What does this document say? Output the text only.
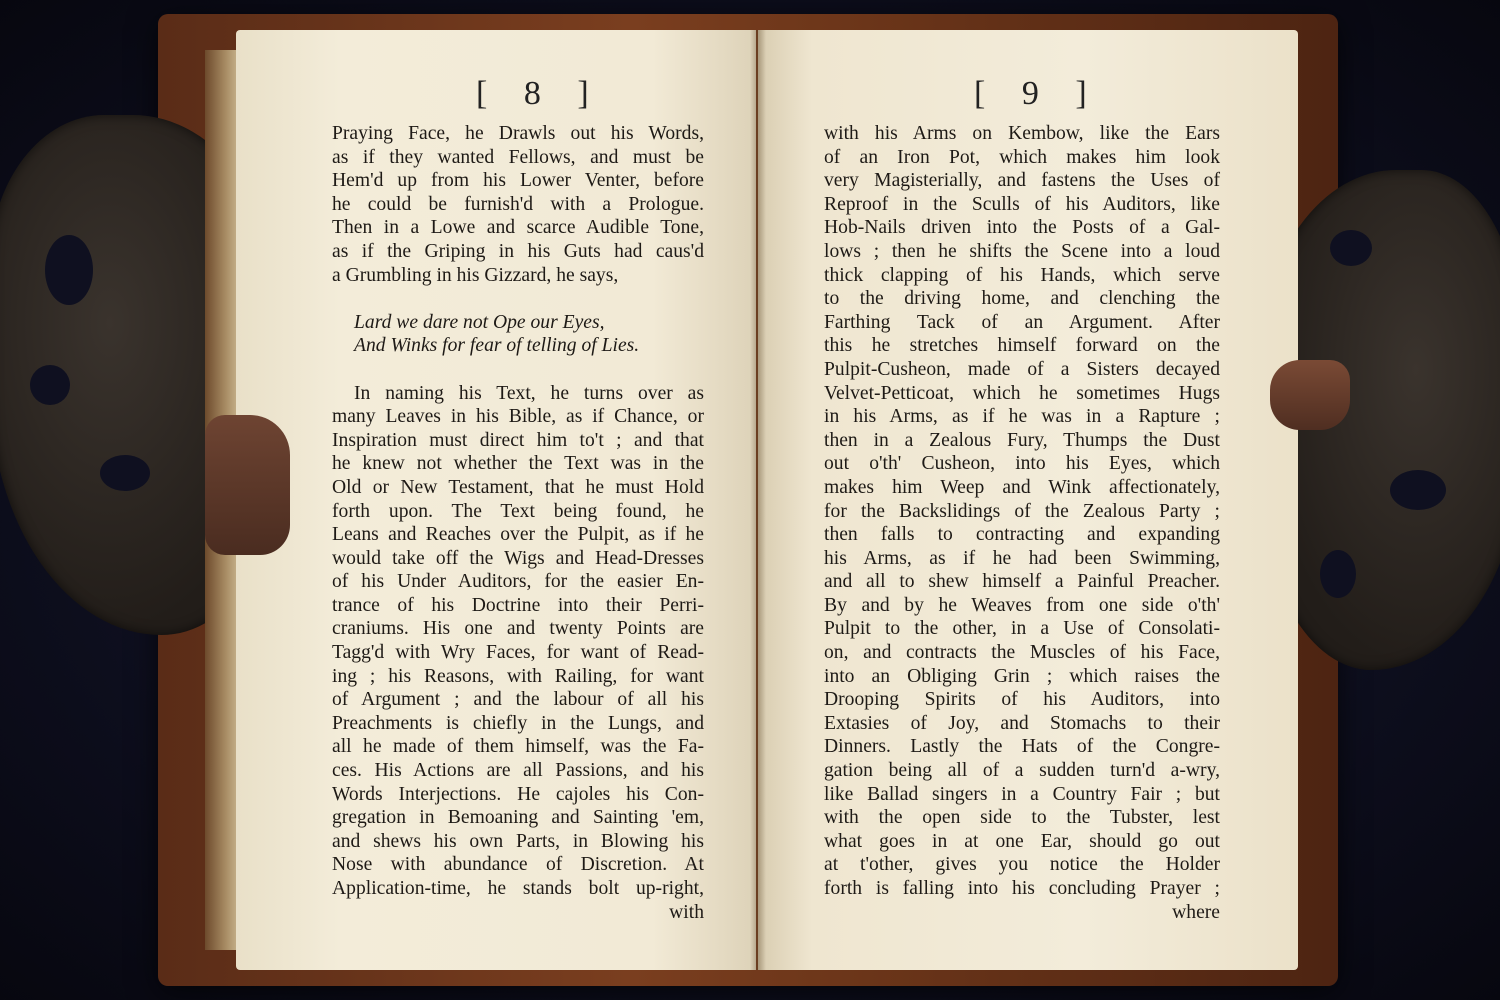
[ 8 ]
Praying Face, he Drawls out his Words,
as if they wanted Fellows, and must be
Hem'd up from his Lower Venter, before
he could be furnish'd with a Prologue.
Then in a Lowe and scarce Audible Tone,
as if the Griping in his Guts had caus'd
a Grumbling in his Gizzard, he says,
Lard we dare not Ope our Eyes,
And Winks for fear of telling of Lies.
In naming his Text, he turns over as
many Leaves in his Bible, as if Chance, or
Inspiration must direct him to't ; and that
he knew not whether the Text was in the
Old or New Testament, that he must Hold
forth upon. The Text being found, he
Leans and Reaches over the Pulpit, as if he
would take off the Wigs and Head-Dresses
of his Under Auditors, for the easier En-
trance of his Doctrine into their Perri-
craniums. His one and twenty Points are
Tagg'd with Wry Faces, for want of Read-
ing ; his Reasons, with Railing, for want
of Argument ; and the labour of all his
Preachments is chiefly in the Lungs, and
all he made of them himself, was the Fa-
ces. His Actions are all Passions, and his
Words Interjections. He cajoles his Con-
gregation in Bemoaning and Sainting 'em,
and shews his own Parts, in Blowing his
Nose with abundance of Discretion. At
Application-time, he stands bolt up-right,
with
[ 9 ]
with his Arms on Kembow, like the Ears
of an Iron Pot, which makes him look
very Magisterially, and fastens the Uses of
Reproof in the Sculls of his Auditors, like
Hob-Nails driven into the Posts of a Gal-
lows ; then he shifts the Scene into a loud
thick clapping of his Hands, which serve
to the driving home, and clenching the
Farthing Tack of an Argument. After
this he stretches himself forward on the
Pulpit-Cusheon, made of a Sisters decayed
Velvet-Petticoat, which he sometimes Hugs
in his Arms, as if he was in a Rapture ;
then in a Zealous Fury, Thumps the Dust
out o'th' Cusheon, into his Eyes, which
makes him Weep and Wink affectionately,
for the Backslidings of the Zealous Party ;
then falls to contracting and expanding
his Arms, as if he had been Swimming,
and all to shew himself a Painful Preacher.
By and by he Weaves from one side o'th'
Pulpit to the other, in a Use of Consolati-
on, and contracts the Muscles of his Face,
into an Obliging Grin ; which raises the
Drooping Spirits of his Auditors, into
Extasies of Joy, and Stomachs to their
Dinners. Lastly the Hats of the Congre-
gation being all of a sudden turn'd a-wry,
like Ballad singers in a Country Fair ; but
with the open side to the Tubster, lest
what goes in at one Ear, should go out
at t'other, gives you notice the Holder
forth is falling into his concluding Prayer ;
where
